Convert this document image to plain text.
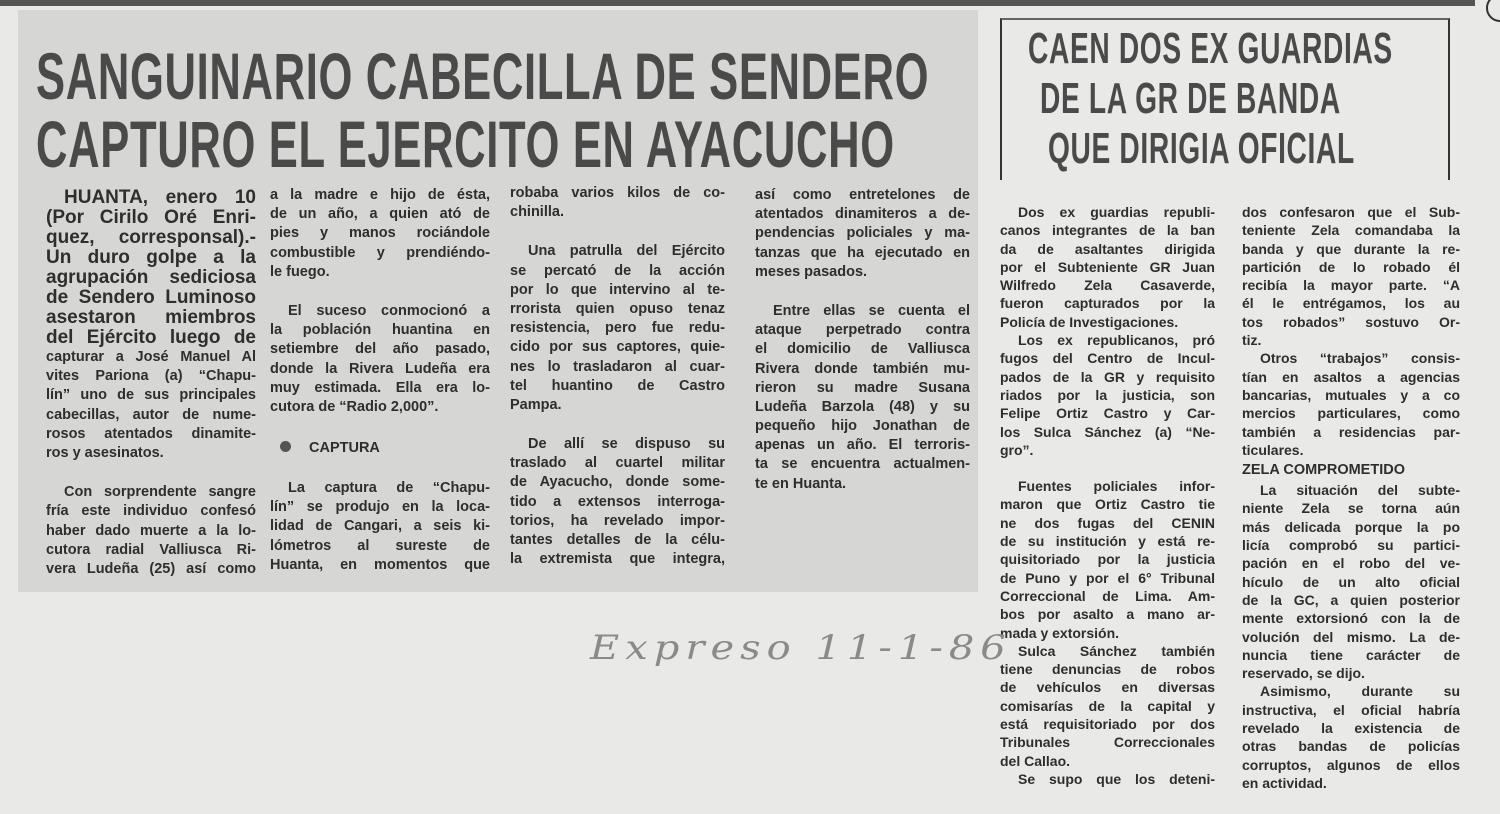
SANGUINARIO CABECILLA DE SENDERO
CAPTURO EL EJERCITO EN AYACUCHO
CAEN DOS EX GUARDIAS
DE LA GR DE BANDA
QUE DIRIGIA OFICIAL
HUANTA, enero 10
(Por Cirilo Oré Enri-
quez, corresponsal).-
Un duro golpe a la
agrupación sediciosa
de Sendero Luminoso
asestaron miembros
del Ejército luego de
capturar a José Manuel Al
vites Pariona (a) “Chapu-
lín” uno de sus principales
cabecillas, autor de nume-
rosos atentados dinamite-
ros y asesinatos.
Con sorprendente sangre
fría este individuo confesó
haber dado muerte a la lo-
cutora radial Valliusca Ri-
vera Ludeña (25) así como
a la madre e hijo de ésta,
de un año, a quien ató de
pies y manos rociándole
combustible y prendiéndo-
le fuego.
El suceso conmocionó a
la población huantina en
setiembre del año pasado,
donde la Rivera Ludeña era
muy estimada. Ella era lo-
cutora de “Radio 2,000”.
CAPTURA
La captura de “Chapu-
lín” se produjo en la loca-
lidad de Cangari, a seis ki-
lómetros al sureste de
Huanta, en momentos que
robaba varios kilos de co-
chinilla.
Una patrulla del Ejército
se percató de la acción
por lo que intervino al te-
rrorista quien opuso tenaz
resistencia, pero fue redu-
cido por sus captores, quie-
nes lo trasladaron al cuar-
tel huantino de Castro
Pampa.
De allí se dispuso su
traslado al cuartel militar
de Ayacucho, donde some-
tido a extensos interroga-
torios, ha revelado impor-
tantes detalles de la célu-
la extremista que integra,
así como entretelones de
atentados dinamiteros a de-
pendencias policiales y ma-
tanzas que ha ejecutado en
meses pasados.
Entre ellas se cuenta el
ataque perpetrado contra
el domicilio de Valliusca
Rivera donde también mu-
rieron su madre Susana
Ludeña Barzola (48) y su
pequeño hijo Jonathan de
apenas un año. El terroris-
ta se encuentra actualmen-
te en Huanta.
Dos ex guardias republi-
canos integrantes de la ban
da de asaltantes dirigida
por el Subteniente GR Juan
Wilfredo Zela Casaverde,
fueron capturados por la
Policía de Investigaciones.
Los ex republicanos, pró
fugos del Centro de Incul-
pados de la GR y requisito
riados por la justicia, son
Felipe Ortiz Castro y Car-
los Sulca Sánchez (a) “Ne-
gro”.
Fuentes policiales infor-
maron que Ortiz Castro tie
ne dos fugas del CENIN
de su institución y está re-
quisitoriado por la justicia
de Puno y por el 6° Tribunal
Correccional de Lima. Am-
bos por asalto a mano ar-
mada y extorsión.
Sulca Sánchez también
tiene denuncias de robos
de vehículos en diversas
comisarías de la capital y
está requisitoriado por dos
Tribunales Correccionales
del Callao.
Se supo que los deteni-
dos confesaron que el Sub-
teniente Zela comandaba la
banda y que durante la re-
partición de lo robado él
recibía la mayor parte. “A
él le entrégamos, los au
tos robados” sostuvo Or-
tiz.
Otros “trabajos” consis-
tían en asaltos a agencias
bancarias, mutuales y a co
mercios particulares, como
también a residencias par-
ticulares.
ZELA COMPROMETIDO
La situación del subte-
niente Zela se torna aún
más delicada porque la po
licía comprobó su partici-
pación en el robo del ve-
hículo de un alto oficial
de la GC, a quien posterior
mente extorsionó con la de
volución del mismo. La de-
nuncia tiene carácter de
reservado, se dijo.
Asimismo, durante su
instructiva, el oficial habría
revelado la existencia de
otras bandas de policías
corruptos, algunos de ellos
en actividad.
Expreso 11-1-86
